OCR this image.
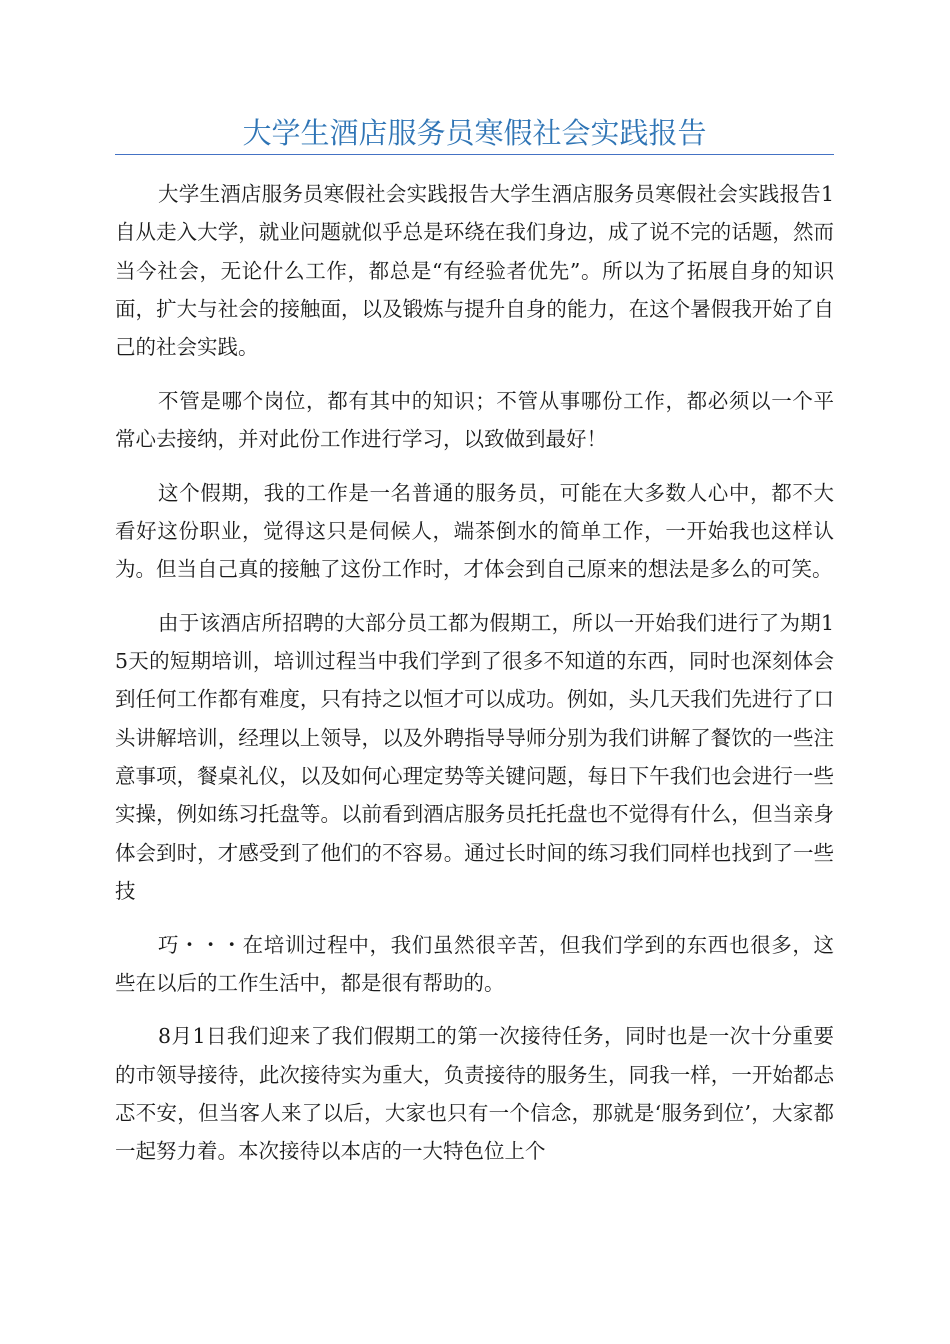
大学生酒店服务员寒假社会实践报告

大学生酒店服务员寒假社会实践报告大学生酒店服务员寒假社会实践报告1自从走入大学，就业问题就似乎总是环绕在我们身边，成了说不完的话题，然而当今社会，无论什么工作，都总是“有经验者优先”。所以为了拓展自身的知识面，扩大与社会的接触面，以及锻炼与提升自身的能力，在这个暑假我开始了自己的社会实践。

不管是哪个岗位，都有其中的知识；不管从事哪份工作，都必须以一个平常心去接纳，并对此份工作进行学习，以致做到最好！

这个假期，我的工作是一名普通的服务员，可能在大多数人心中，都不大看好这份职业，觉得这只是伺候人，端茶倒水的简单工作，一开始我也这样认为。但当自己真的接触了这份工作时，才体会到自己原来的想法是多么的可笑。

由于该酒店所招聘的大部分员工都为假期工，所以一开始我们进行了为期15天的短期培训，培训过程当中我们学到了很多不知道的东西，同时也深刻体会到任何工作都有难度，只有持之以恒才可以成功。例如，头几天我们先进行了口头讲解培训，经理以上领导，以及外聘指导导师分别为我们讲解了餐饮的一些注意事项，餐桌礼仪，以及如何心理定势等关键问题，每日下午我们也会进行一些实操，例如练习托盘等。以前看到酒店服务员托托盘也不觉得有什么，但当亲身体会到时，才感受到了他们的不容易。通过长时间的练习我们同样也找到了一些技

巧・・・在培训过程中，我们虽然很辛苦，但我们学到的东西也很多，这些在以后的工作生活中，都是很有帮助的。

8月1日我们迎来了我们假期工的第一次接待任务，同时也是一次十分重要的市领导接待，此次接待实为重大，负责接待的服务生，同我一样，一开始都忐忑不安，但当客人来了以后，大家也只有一个信念，那就是‘服务到位’，大家都一起努力着。本次接待以本店的一大特色位上个
